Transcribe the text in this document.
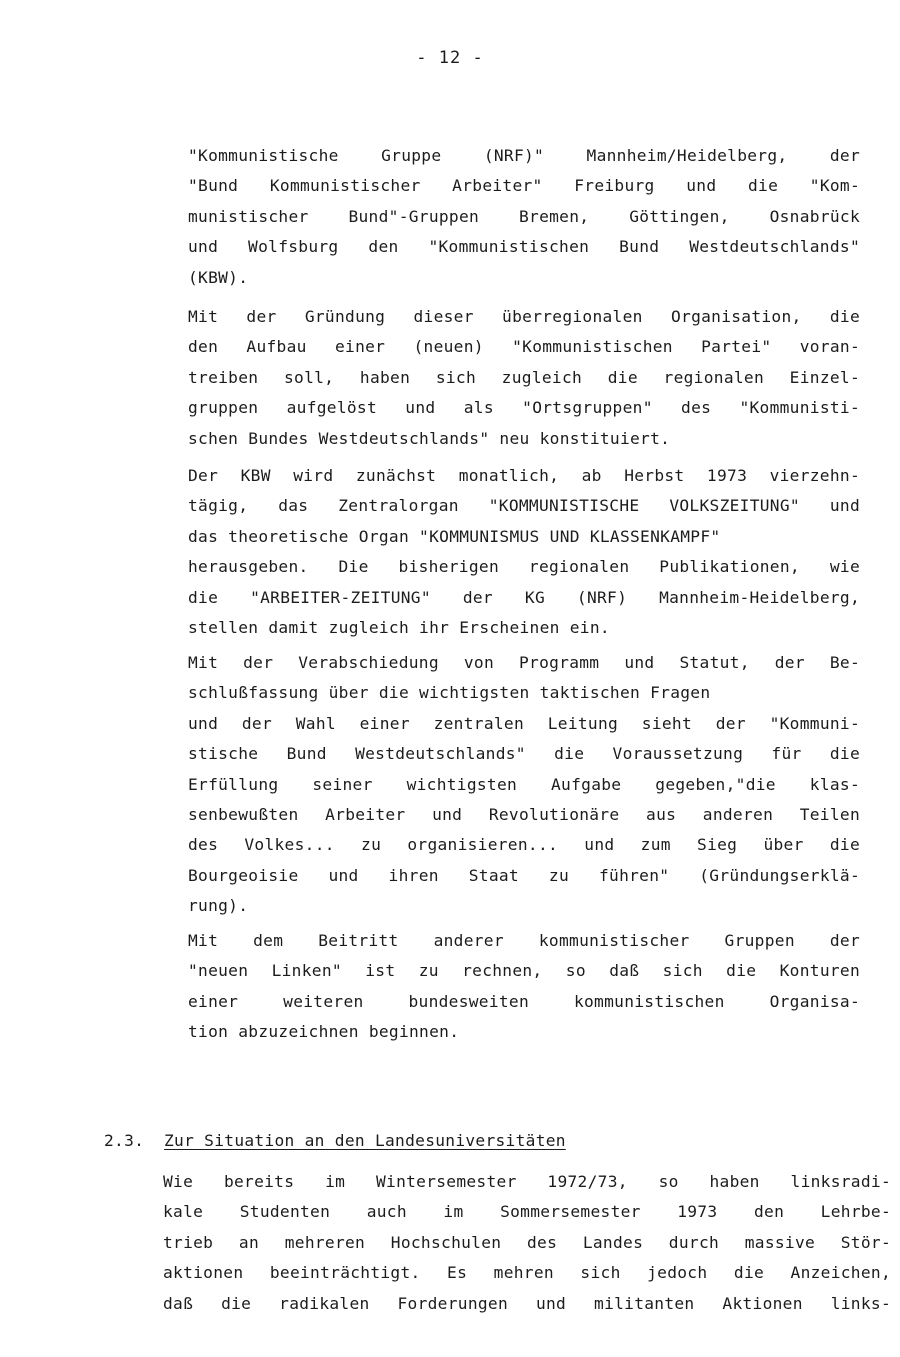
- 12 -
"Kommunistische Gruppe (NRF)" Mannheim/Heidelberg, der
"Bund Kommunistischer Arbeiter" Freiburg und die "Kom-
munistischer Bund"-Gruppen Bremen, Göttingen, Osnabrück
und Wolfsburg den "Kommunistischen Bund Westdeutschlands"
(KBW).
Mit der Gründung dieser überregionalen Organisation, die
den Aufbau einer (neuen) "Kommunistischen Partei" voran-
treiben soll, haben sich zugleich die regionalen Einzel-
gruppen aufgelöst und als "Ortsgruppen" des "Kommunisti-
schen Bundes Westdeutschlands" neu konstituiert.
Der KBW wird zunächst monatlich, ab Herbst 1973 vierzehn-
tägig, das Zentralorgan "KOMMUNISTISCHE VOLKSZEITUNG" und
das theoretische Organ "KOMMUNISMUS UND KLASSENKAMPF"
herausgeben. Die bisherigen regionalen Publikationen, wie
die "ARBEITER-ZEITUNG" der KG (NRF) Mannheim-Heidelberg,
stellen damit zugleich ihr Erscheinen ein.
Mit der Verabschiedung von Programm und Statut, der Be-
schlußfassung über die wichtigsten taktischen Fragen
und der Wahl einer zentralen Leitung sieht der "Kommuni-
stische Bund Westdeutschlands" die Voraussetzung für die
Erfüllung seiner wichtigsten Aufgabe gegeben,"die klas-
senbewußten Arbeiter und Revolutionäre aus anderen Teilen
des Volkes... zu organisieren... und zum Sieg über die
Bourgeoisie und ihren Staat zu führen" (Gründungserklä-
rung).
Mit dem Beitritt anderer kommunistischer Gruppen der
"neuen Linken" ist zu rechnen, so daß sich die Konturen
einer weiteren bundesweiten kommunistischen Organisa-
tion abzuzeichnen beginnen.
2.3. Zur Situation an den Landesuniversitäten
Wie bereits im Wintersemester 1972/73, so haben linksradi-
kale Studenten auch im Sommersemester 1973 den Lehrbe-
trieb an mehreren Hochschulen des Landes durch massive Stör-
aktionen beeinträchtigt. Es mehren sich jedoch die Anzeichen,
daß die radikalen Forderungen und militanten Aktionen links-
